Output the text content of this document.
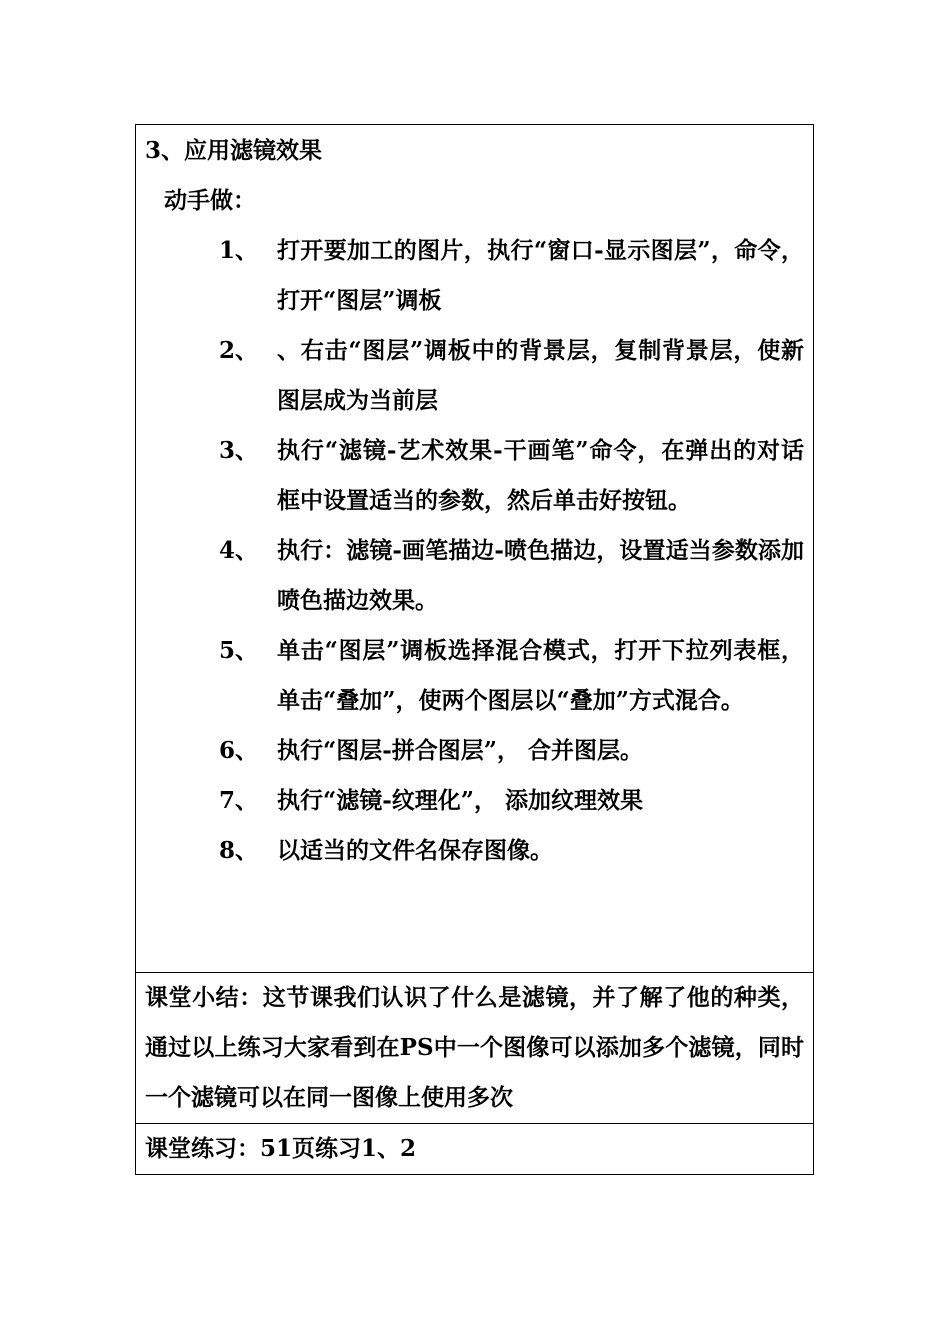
3、应用滤镜效果

动手做：

1、 打开要加工的图片，执行“窗口-显示图层”，命令，打开“图层”调板
2、 、右击“图层”调板中的背景层，复制背景层，使新图层成为当前层
3、 执行“滤镜-艺术效果-干画笔”命令，在弹出的对话框中设置适当的参数，然后单击好按钮。
4、 执行：滤镜-画笔描边-喷色描边，设置适当参数添加喷色描边效果。
5、 单击“图层”调板选择混合模式，打开下拉列表框，单击“叠加”，使两个图层以“叠加”方式混合。
6、 执行“图层-拼合图层”， 合并图层。
7、 执行“滤镜-纹理化”， 添加纹理效果
8、 以适当的文件名保存图像。

课堂小结：这节课我们认识了什么是滤镜，并了解了他的种类，通过以上练习大家看到在PS中一个图像可以添加多个滤镜，同时一个滤镜可以在同一图像上使用多次

课堂练习：51页练习1、2
